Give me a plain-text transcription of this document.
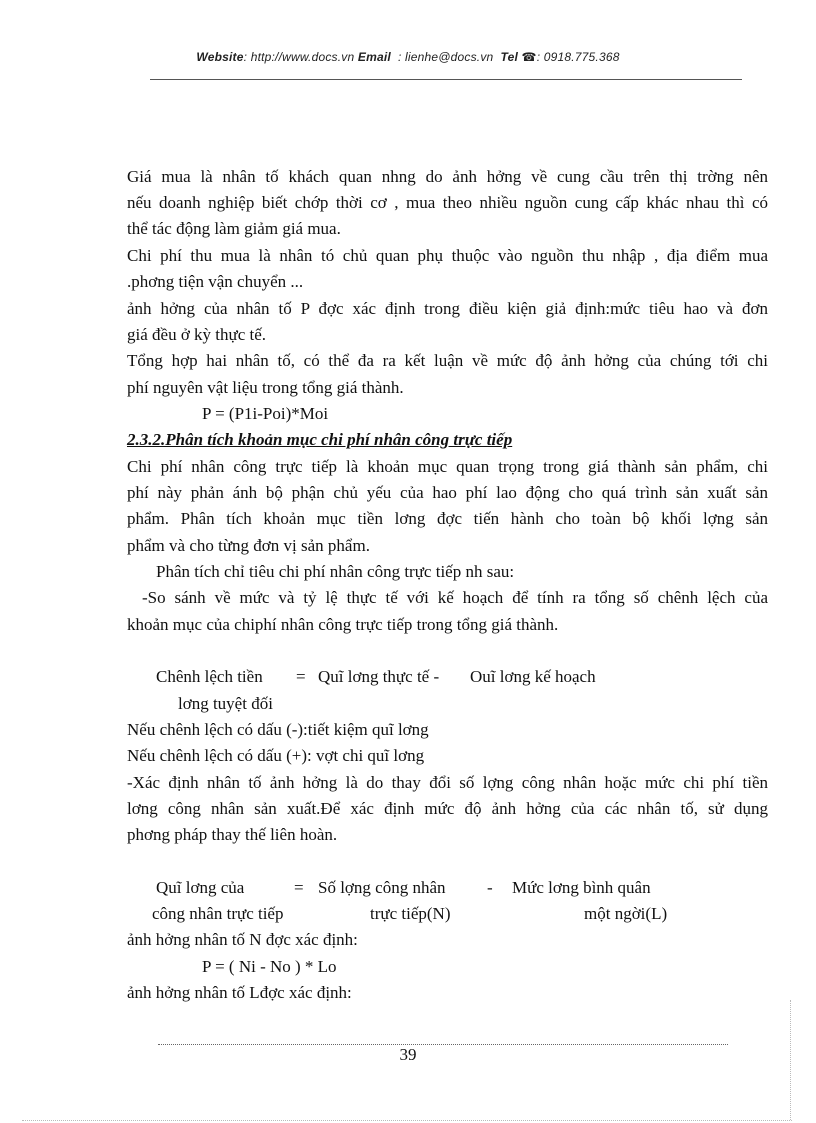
Website: http://www.docs.vn Email : lienhe@docs.vn Tel ☎: 0918.775.368
Giá mua là nhân tố khách quan nhng do ảnh hởng về cung cầu trên thị trờng nên
nếu doanh nghiệp biết chớp thời cơ , mua theo nhiều nguồn cung cấp khác nhau thì có
thể tác động làm giảm giá mua.
Chi phí thu mua là nhân tó chủ quan phụ thuộc vào nguồn thu nhập , địa điểm mua
.phơng tiện vận chuyển ...
ảnh hởng của nhân tố P đợc xác định trong điều kiện giả định:mức tiêu hao và đơn
giá đều ở kỳ thực tế.
Tổng hợp hai nhân tố, có thể đa ra kết luận về mức độ ảnh hởng của chúng tới chi
phí nguyên vật liệu trong tổng giá thành.
P = (P1i-Poi)*Moi
2.3.2.Phân tích khoản mục chi phí nhân công trực tiếp
Chi phí nhân công trực tiếp là khoản mục quan trọng trong giá thành sản phẩm, chi
phí này phản ánh bộ phận chủ yếu của hao phí lao động cho quá trình sản xuất sản
phẩm. Phân tích khoản mục tiền lơng đợc tiến hành cho toàn bộ khối lợng sản
phẩm và cho từng đơn vị sản phẩm.
Phân tích chỉ tiêu chi phí nhân công trực tiếp nh sau:
-So sánh về mức và tỷ lệ thực tế với kế hoạch để tính ra tổng số chênh lệch của
khoản mục của chiphí nhân công trực tiếp trong tổng giá thành.
Chênh lệch tiền
lơng tuyệt đối
= Quĩ lơng thực tế - Ouĩ lơng kế hoạch
Nếu chênh lệch có dấu (-):tiết kiệm quĩ lơng
Nếu chênh lệch có dấu (+): vợt chi quĩ lơng
-Xác định nhân tố ảnh hởng là do thay đổi số lợng công nhân hoặc mức chi phí tiền
lơng công nhân sản xuất.Để xác định mức độ ảnh hởng của các nhân tố, sử dụng
phơng pháp thay thế liên hoàn.
Quĩ lơng của
công nhân trực tiếp
= Số lợng công nhân
trực tiếp(N)
- Mức lơng bình quân
một ngời(L)
ảnh hởng nhân tố N đợc xác định:
P = ( Ni - No ) * Lo
ảnh hởng nhân tố Lđợc xác định:
39
